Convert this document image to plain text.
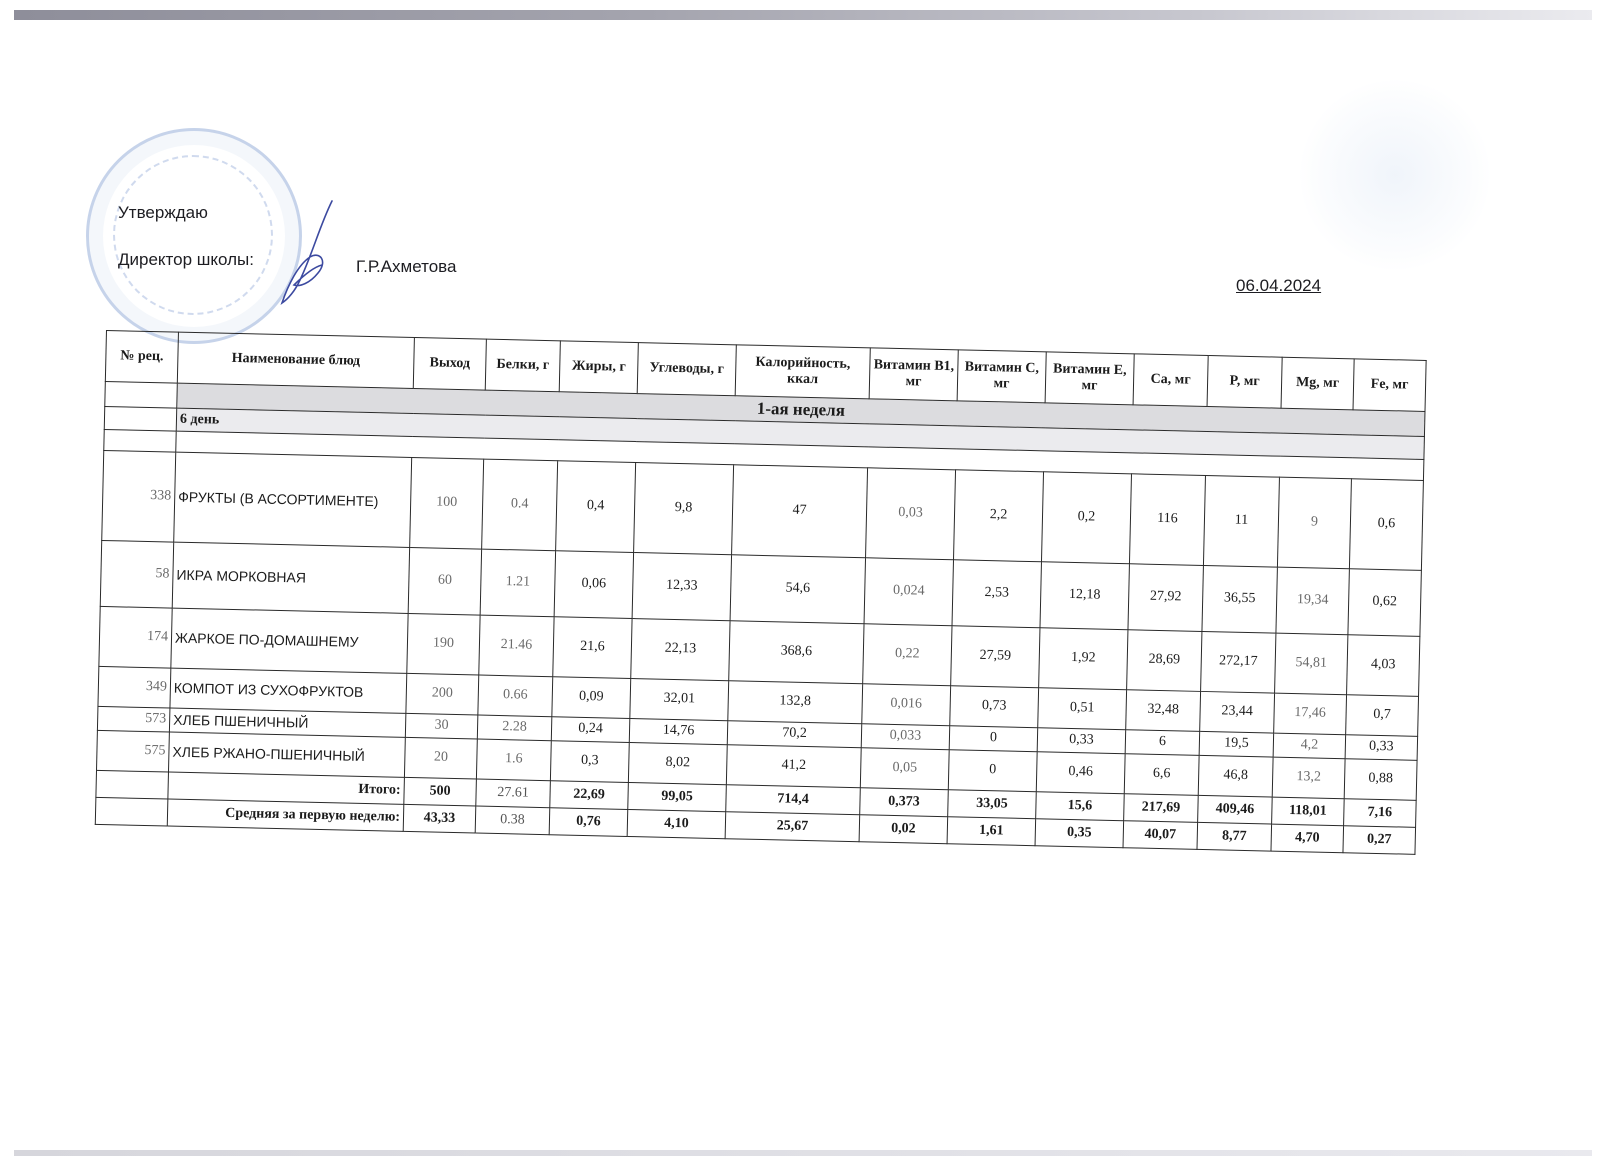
Утверждаю
Директор школы:	Г.Р.Ахметова
06.04.2024
№ рец.	Наименование блюд	Выход	Белки, г	Жиры, г	Углеводы, г	Калорийность, ккал	Витамин B1, мг	Витамин C, мг	Витамин E, мг	Ca, мг	P, мг	Mg, мг	Fe, мг
	1-ая неделя												
	6 день												

338	ФРУКТЫ (В АССОРТИМЕНТЕ)	100	0.4	0,4	9,8	47	0,03	2,2	0,2	116	11	9	0,6
58	ИКРА МОРКОВНАЯ	60	1.21	0,06	12,33	54,6	0,024	2,53	12,18	27,92	36,55	19,34	0,62
174	ЖАРКОЕ ПО-ДОМАШНЕМУ	190	21.46	21,6	22,13	368,6	0,22	27,59	1,92	28,69	272,17	54,81	4,03
349	КОМПОТ ИЗ СУХОФРУКТОВ	200	0.66	0,09	32,01	132,8	0,016	0,73	0,51	32,48	23,44	17,46	0,7
573	ХЛЕБ ПШЕНИЧНЫЙ	30	2.28	0,24	14,76	70,2	0,033	0	0,33	6	19,5	4,2	0,33
575	ХЛЕБ РЖАНО-ПШЕНИЧНЫЙ	20	1.6	0,3	8,02	41,2	0,05	0	0,46	6,6	46,8	13,2	0,88
	Итого:	500	27.61	22,69	99,05	714,4	0,373	33,05	15,6	217,69	409,46	118,01	7,16
	Средняя за первую неделю:	43,33	0.38	0,76	4,10	25,67	0,02	1,61	0,35	40,07	8,77	4,70	0,27
